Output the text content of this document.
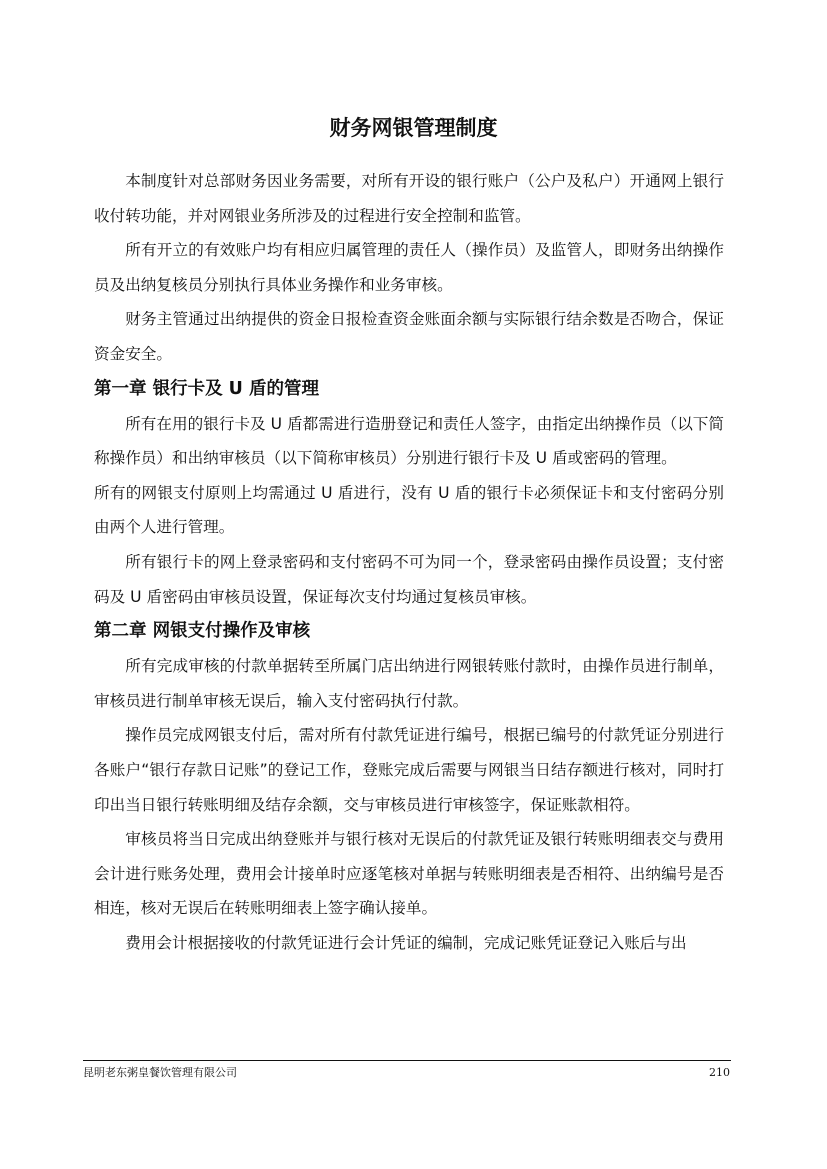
财务网银管理制度

本制度针对总部财务因业务需要，对所有开设的银行账户（公户及私户）开通网上银行收付转功能，并对网银业务所涉及的过程进行安全控制和监管。

所有开立的有效账户均有相应归属管理的责任人（操作员）及监管人，即财务出纳操作员及出纳复核员分别执行具体业务操作和业务审核。

财务主管通过出纳提供的资金日报检查资金账面余额与实际银行结余数是否吻合，保证资金安全。

第一章 银行卡及 U 盾的管理

所有在用的银行卡及 U 盾都需进行造册登记和责任人签字，由指定出纳操作员（以下简称操作员）和出纳审核员（以下简称审核员）分别进行银行卡及 U 盾或密码的管理。

所有的网银支付原则上均需通过 U 盾进行，没有 U 盾的银行卡必须保证卡和支付密码分别由两个人进行管理。

所有银行卡的网上登录密码和支付密码不可为同一个，登录密码由操作员设置；支付密码及 U 盾密码由审核员设置，保证每次支付均通过复核员审核。

第二章 网银支付操作及审核

所有完成审核的付款单据转至所属门店出纳进行网银转账付款时，由操作员进行制单，审核员进行制单审核无误后，输入支付密码执行付款。

操作员完成网银支付后，需对所有付款凭证进行编号，根据已编号的付款凭证分别进行各账户“银行存款日记账”的登记工作，登账完成后需要与网银当日结存额进行核对，同时打印出当日银行转账明细及结存余额，交与审核员进行审核签字，保证账款相符。

审核员将当日完成出纳登账并与银行核对无误后的付款凭证及银行转账明细表交与费用会计进行账务处理，费用会计接单时应逐笔核对单据与转账明细表是否相符、出纳编号是否相连，核对无误后在转账明细表上签字确认接单。

费用会计根据接收的付款凭证进行会计凭证的编制，完成记账凭证登记入账后与出

昆明老东粥皇餐饮管理有限公司	210
